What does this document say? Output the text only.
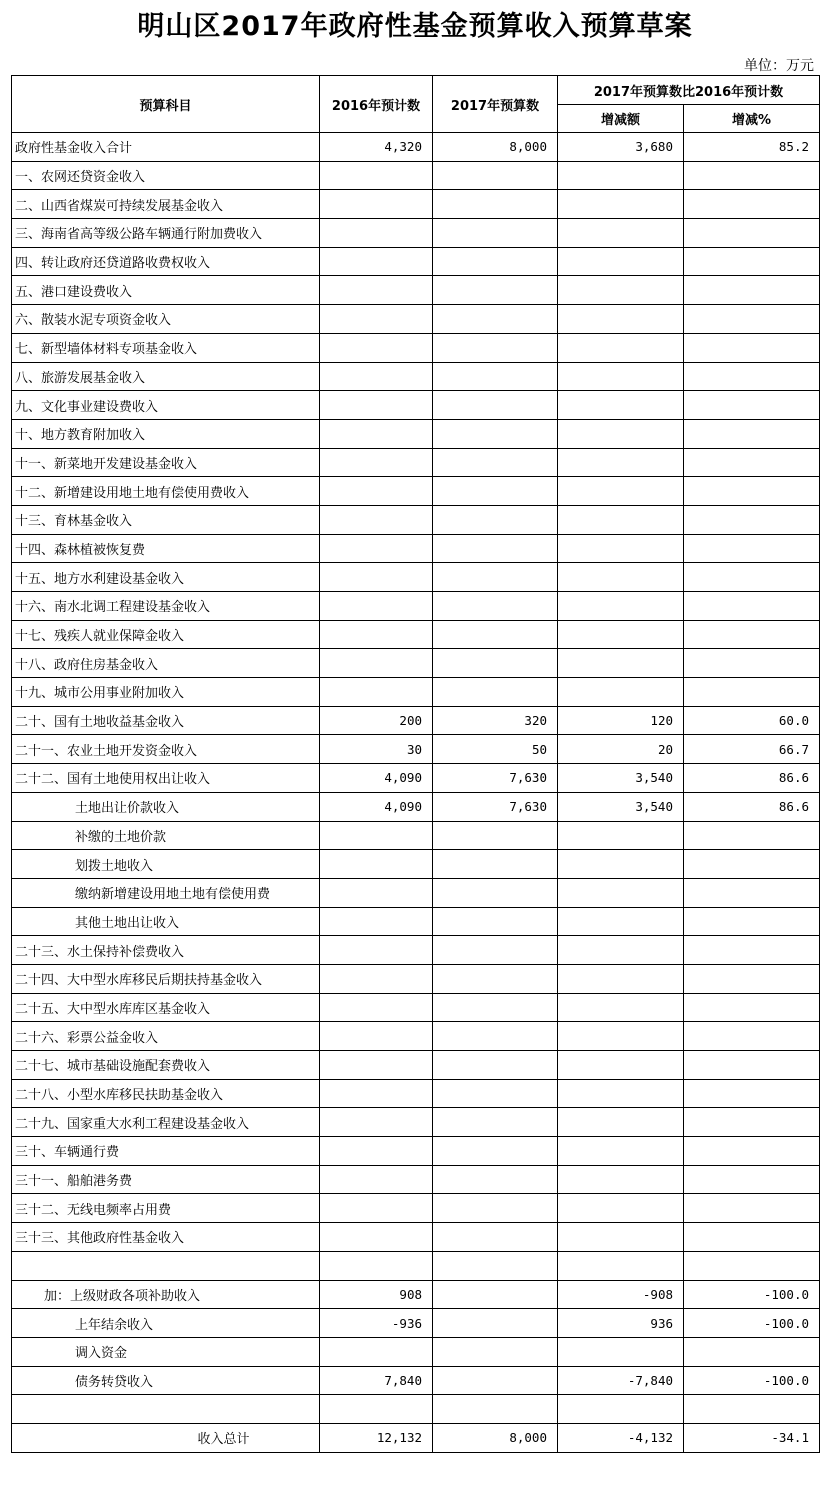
明山区2017年政府性基金预算收入预算草案
单位：万元
预算科目	2016年预计数	2017年预算数	2017年预算数比2016年预计数	
			增减额	增减%
政府性基金收入合计	4,320	8,000	3,680	85.2
一、农网还贷资金收入				
二、山西省煤炭可持续发展基金收入				
三、海南省高等级公路车辆通行附加费收入				
四、转让政府还贷道路收费权收入				
五、港口建设费收入				
六、散装水泥专项资金收入				
七、新型墙体材料专项基金收入				
八、旅游发展基金收入				
九、文化事业建设费收入				
十、地方教育附加收入				
十一、新菜地开发建设基金收入				
十二、新增建设用地土地有偿使用费收入				
十三、育林基金收入				
十四、森林植被恢复费				
十五、地方水利建设基金收入				
十六、南水北调工程建设基金收入				
十七、残疾人就业保障金收入				
十八、政府住房基金收入				
十九、城市公用事业附加收入				
二十、国有土地收益基金收入	200	320	120	60.0
二十一、农业土地开发资金收入	30	50	20	66.7
二十二、国有土地使用权出让收入	4,090	7,630	3,540	86.6
土地出让价款收入	4,090	7,630	3,540	86.6
补缴的土地价款				
划拨土地收入				
缴纳新增建设用地土地有偿使用费				
其他土地出让收入				
二十三、水土保持补偿费收入				
二十四、大中型水库移民后期扶持基金收入				
二十五、大中型水库库区基金收入				
二十六、彩票公益金收入				
二十七、城市基础设施配套费收入				
二十八、小型水库移民扶助基金收入				
二十九、国家重大水利工程建设基金收入				
三十、车辆通行费				
三十一、船舶港务费				
三十二、无线电频率占用费				
三十三、其他政府性基金收入				

加：上级财政各项补助收入	908		-908	-100.0
上年结余收入	-936		936	-100.0
调入资金				
债务转贷收入	7,840		-7,840	-100.0

收入总计	12,132	8,000	-4,132	-34.1
